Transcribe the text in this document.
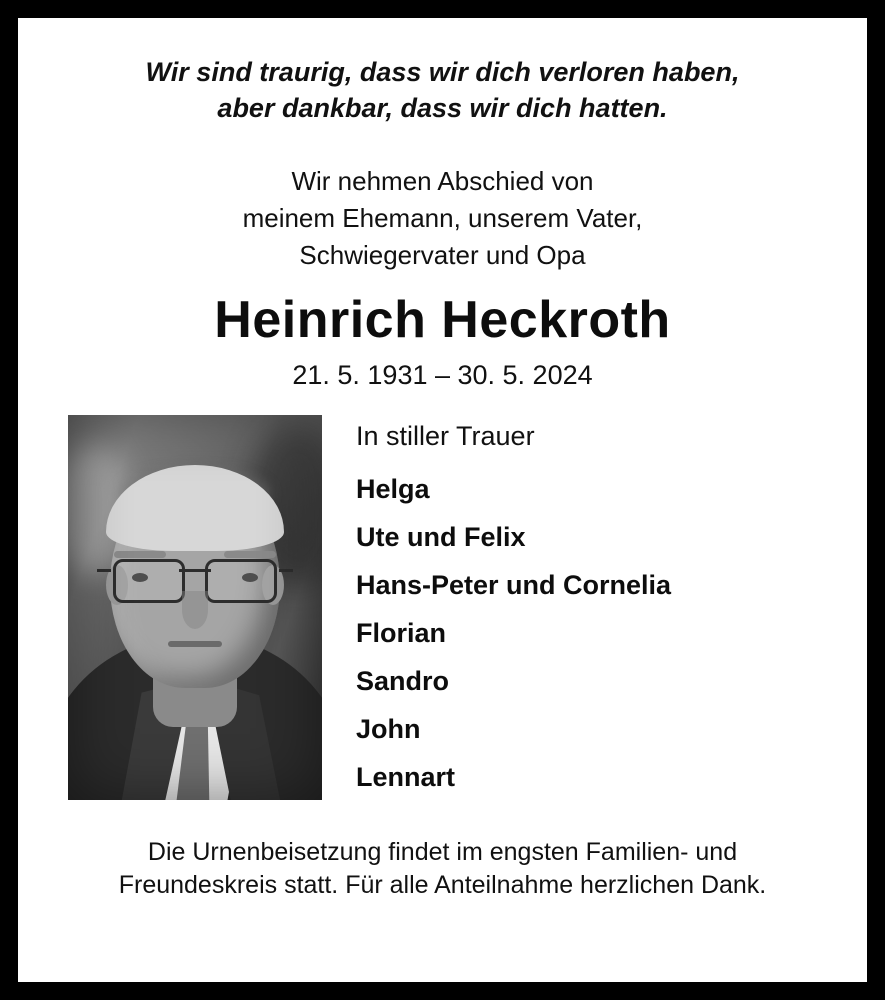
Wir sind traurig, dass wir dich verloren haben,
aber dankbar, dass wir dich hatten.
Wir nehmen Abschied von
meinem Ehemann, unserem Vater,
Schwiegervater und Opa
Heinrich Heckroth
21. 5. 1931 – 30. 5. 2024
In stiller Trauer
Helga
Ute und Felix
Hans-Peter und Cornelia
Florian
Sandro
John
Lennart
Die Urnenbeisetzung findet im engsten Familien- und
Freundeskreis statt. Für alle Anteilnahme herzlichen Dank.
